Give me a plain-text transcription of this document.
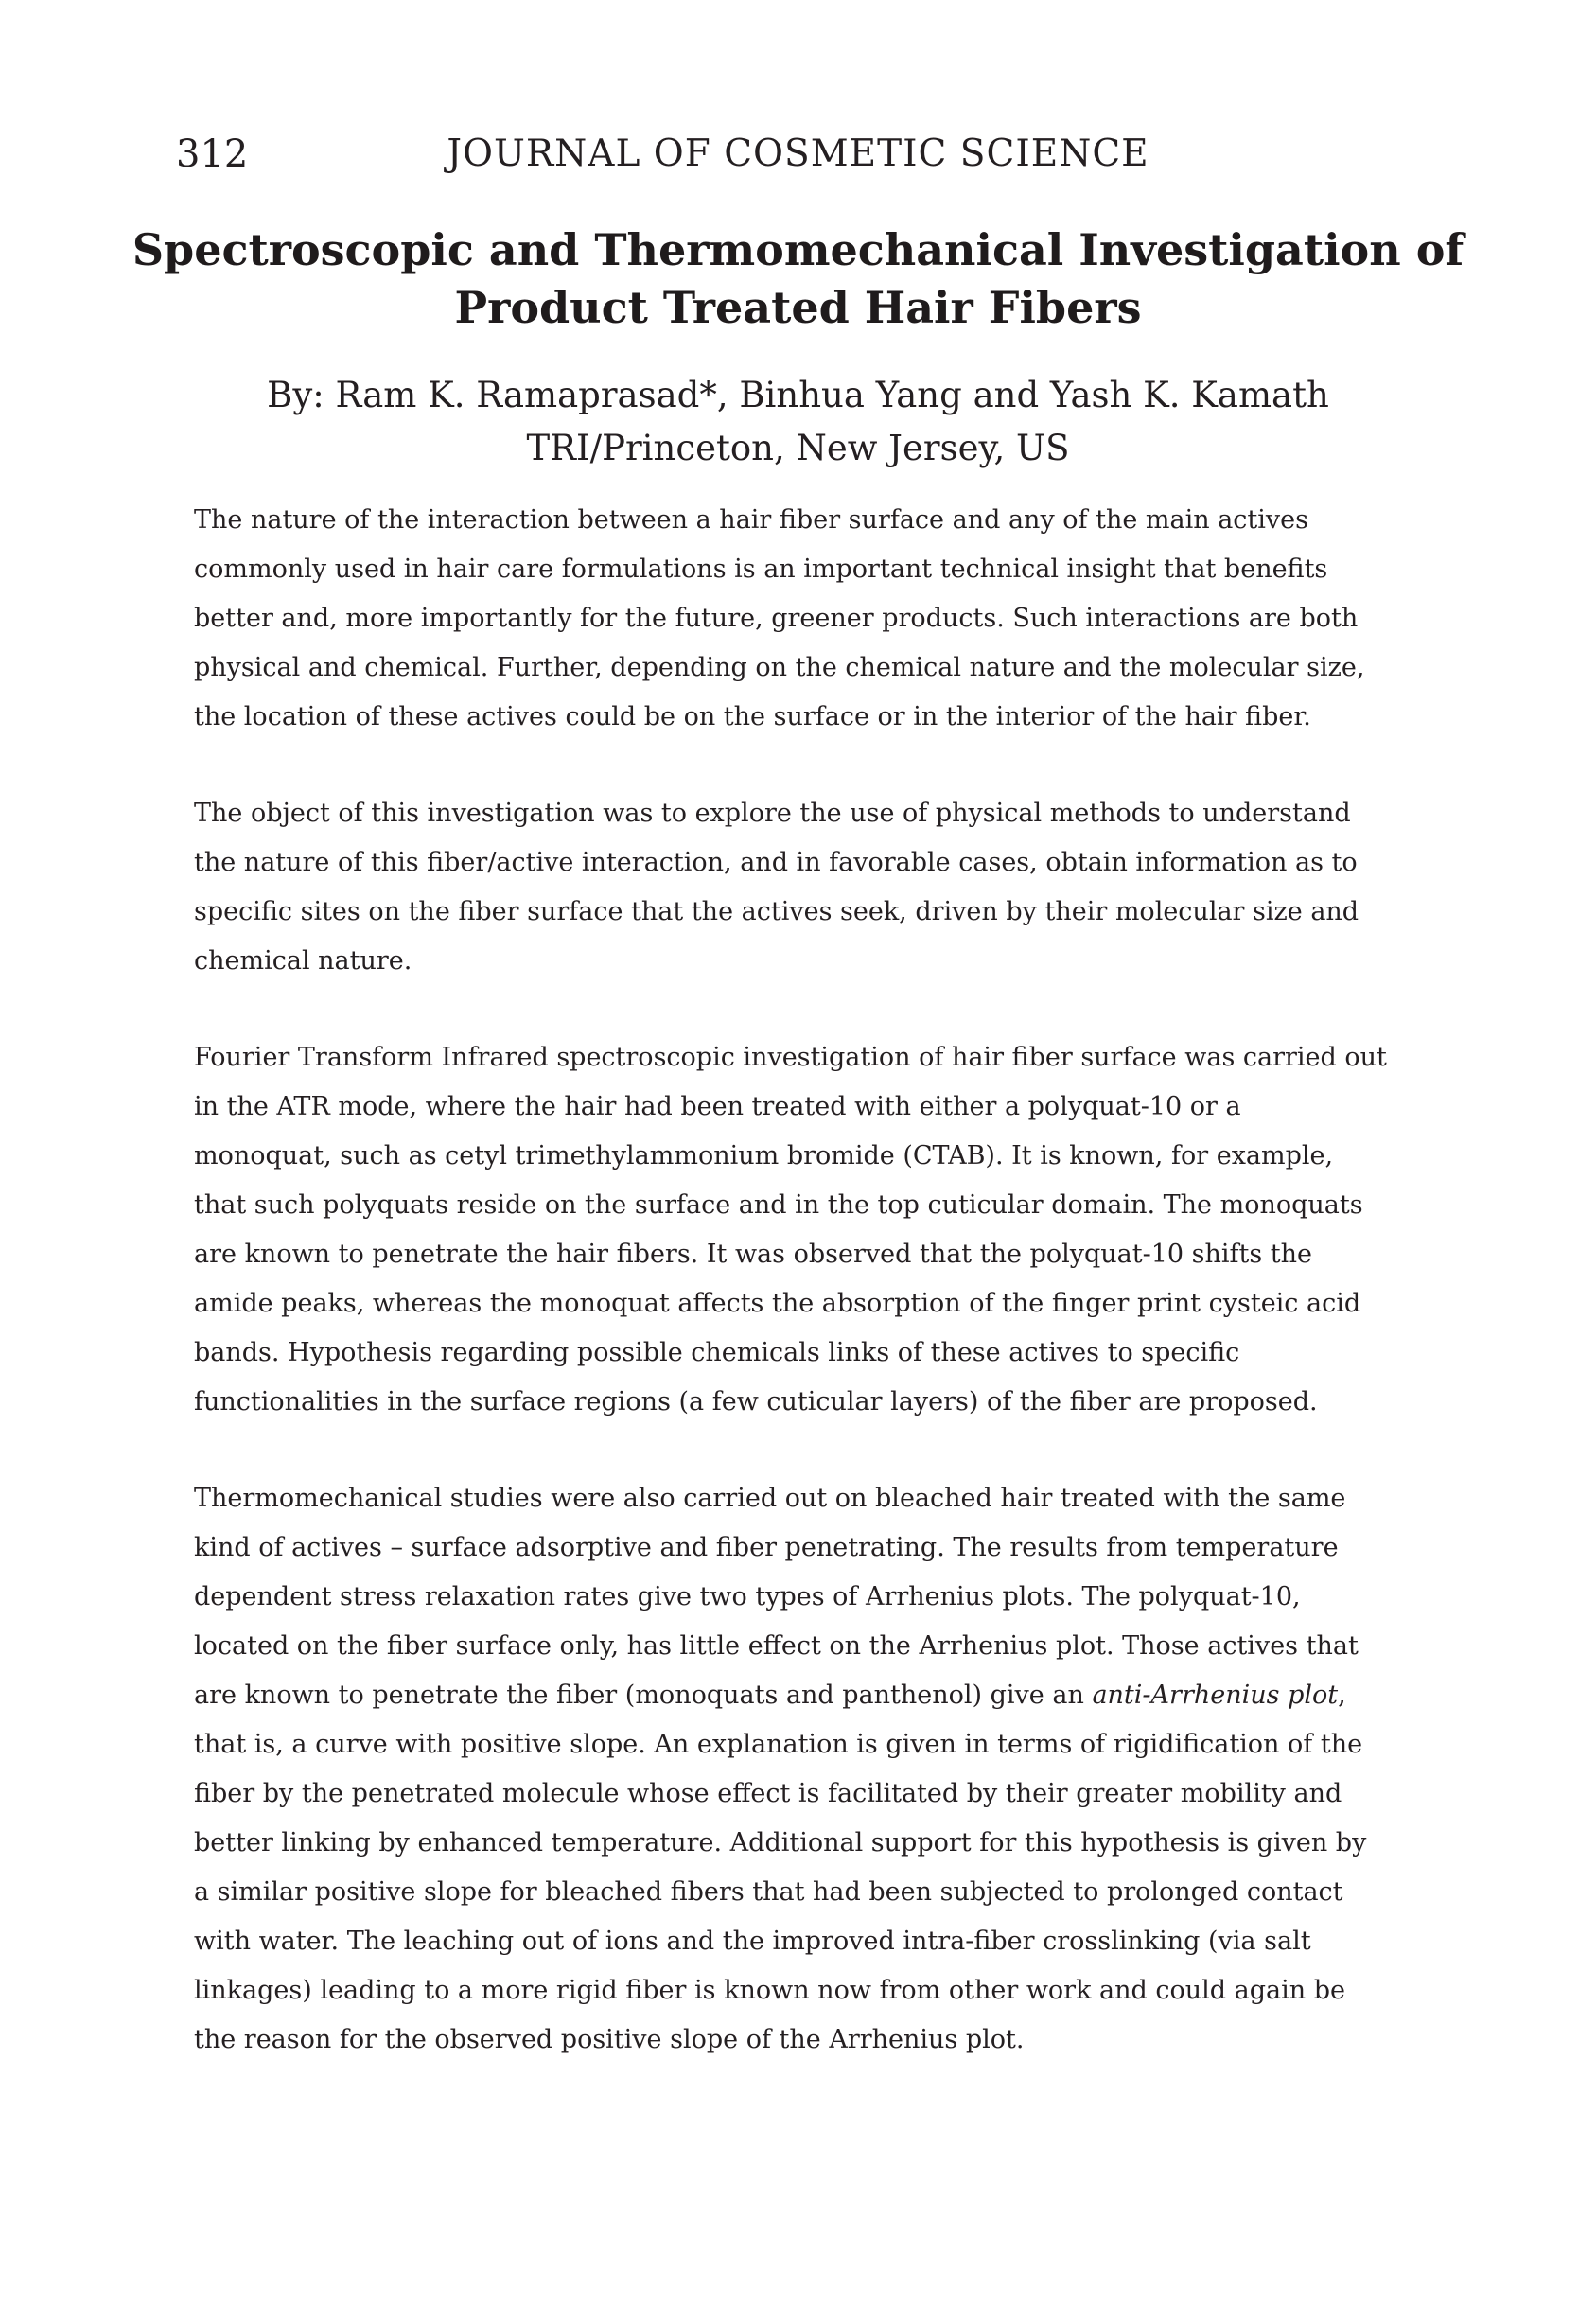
312	JOURNAL OF COSMETIC SCIENCE
Spectroscopic and Thermomechanical Investigation of
Product Treated Hair Fibers
By: Ram K. Ramaprasad*, Binhua Yang and Yash K. Kamath
TRI/Princeton, New Jersey, US

The nature of the interaction between a hair fiber surface and any of the main actives
commonly used in hair care formulations is an important technical insight that benefits
better and, more importantly for the future, greener products. Such interactions are both
physical and chemical. Further, depending on the chemical nature and the molecular size,
the location of these actives could be on the surface or in the interior of the hair fiber.

The object of this investigation was to explore the use of physical methods to understand
the nature of this fiber/active interaction, and in favorable cases, obtain information as to
specific sites on the fiber surface that the actives seek, driven by their molecular size and
chemical nature.

Fourier Transform Infrared spectroscopic investigation of hair fiber surface was carried out
in the ATR mode, where the hair had been treated with either a polyquat-10 or a
monoquat, such as cetyl trimethylammonium bromide (CTAB). It is known, for example,
that such polyquats reside on the surface and in the top cuticular domain. The monoquats
are known to penetrate the hair fibers. It was observed that the polyquat-10 shifts the
amide peaks, whereas the monoquat affects the absorption of the finger print cysteic acid
bands. Hypothesis regarding possible chemicals links of these actives to specific
functionalities in the surface regions (a few cuticular layers) of the fiber are proposed.

Thermomechanical studies were also carried out on bleached hair treated with the same
kind of actives – surface adsorptive and fiber penetrating. The results from temperature
dependent stress relaxation rates give two types of Arrhenius plots. The polyquat-10,
located on the fiber surface only, has little effect on the Arrhenius plot. Those actives that
are known to penetrate the fiber (monoquats and panthenol) give an anti-Arrhenius plot,
that is, a curve with positive slope. An explanation is given in terms of rigidification of the
fiber by the penetrated molecule whose effect is facilitated by their greater mobility and
better linking by enhanced temperature. Additional support for this hypothesis is given by
a similar positive slope for bleached fibers that had been subjected to prolonged contact
with water. The leaching out of ions and the improved intra-fiber crosslinking (via salt
linkages) leading to a more rigid fiber is known now from other work and could again be
the reason for the observed positive slope of the Arrhenius plot.
